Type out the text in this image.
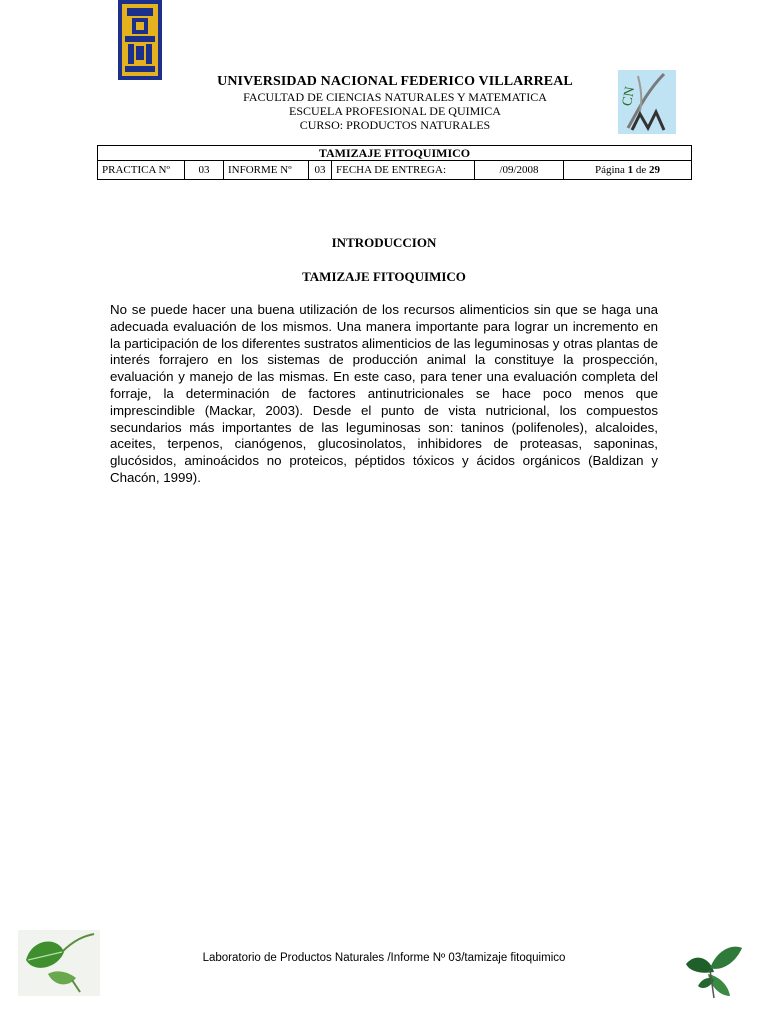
CN
UNIVERSIDAD NACIONAL FEDERICO VILLARREAL
FACULTAD DE CIENCIAS NATURALES Y MATEMATICA
ESCUELA PROFESIONAL DE QUIMICA
CURSO: PRODUCTOS NATURALES
TAMIZAJE FITOQUIMICO
PRACTICA Nº	03	INFORME Nº	03	FECHA DE ENTREGA:	/09/2008	Página 1 de 29
INTRODUCCION
TAMIZAJE FITOQUIMICO
No se puede hacer una buena utilización de los recursos alimenticios sin que se haga una adecuada evaluación de los mismos. Una manera importante para lograr un incremento en la participación de los diferentes sustratos alimenticios de las leguminosas y otras plantas de interés forrajero en los sistemas de producción animal la constituye la prospección, evaluación y manejo de las mismas. En este caso, para tener una evaluación completa del forraje, la determinación de factores antinutricionales se hace poco menos que imprescindible (Mackar, 2003). Desde el punto de vista nutricional, los compuestos secundarios más importantes de las leguminosas son: taninos (polifenoles), alcaloides, aceites, terpenos, cianógenos, glucosinolatos, inhibidores de proteasas, saponinas, glucósidos, aminoácidos no proteicos, péptidos tóxicos y ácidos orgánicos (Baldizan y Chacón, 1999).
Laboratorio de Productos Naturales /Informe Nº 03/tamizaje fitoquimico
